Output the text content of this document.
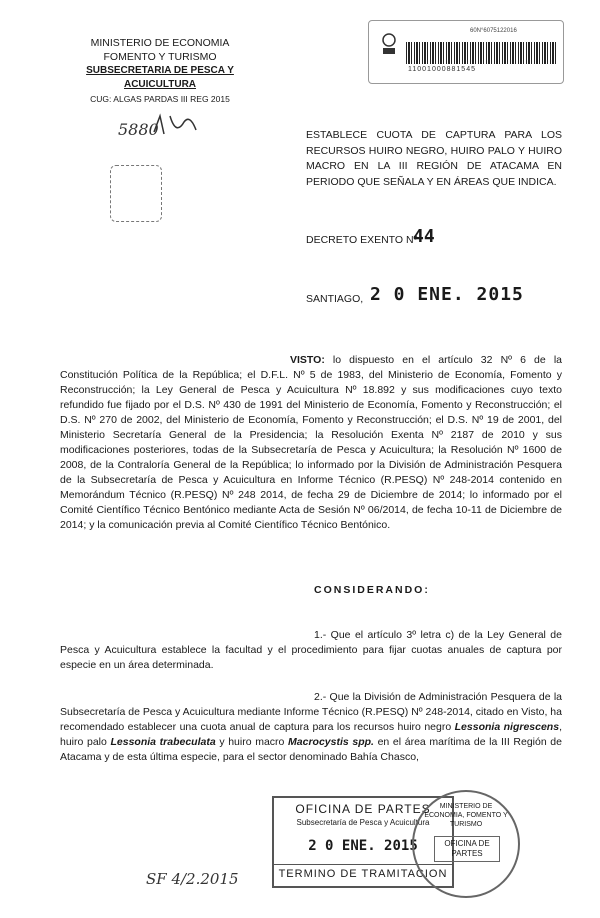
MINISTERIO DE ECONOMIA
FOMENTO Y TURISMO
SUBSECRETARIA DE PESCA Y ACUICULTURA
CUG: ALGAS PARDAS III REG 2015
60N°6075122016
11001000881545
5880	ESTABLECE CUOTA DE CAPTURA PARA LOS RECURSOS HUIRO NEGRO, HUIRO PALO Y HUIRO MACRO EN LA III REGIÓN DE ATACAMA EN PERIODO QUE SEÑALA Y EN ÁREAS QUE INDICA.
DECRETO EXENTO Nº
44
SANTIAGO, 2 0 ENE. 2015
VISTO: lo dispuesto en el artículo 32 Nº 6 de la Constitución Política de la República; el D.F.L. Nº 5 de 1983, del Ministerio de Economía, Fomento y Reconstrucción; la Ley General de Pesca y Acuicultura Nº 18.892 y sus modificaciones cuyo texto refundido fue fijado por el D.S. Nº 430 de 1991 del Ministerio de Economía, Fomento y Reconstrucción; el D.S. Nº 270 de 2002, del Ministerio de Economía, Fomento y Reconstrucción; el D.S. Nº 19 de 2001, del Ministerio Secretaría General de la Presidencia; la Resolución Exenta Nº 2187 de 2010 y sus modificaciones posteriores, todas de la Subsecretaría de Pesca y Acuicultura; la Resolución Nº 1600 de 2008, de la Contraloría General de la República; lo informado por la División de Administración Pesquera de la Subsecretaría de Pesca y Acuicultura en Informe Técnico (R.PESQ) Nº 248-2014 contenido en Memorándum Técnico (R.PESQ) Nº 248 2014, de fecha 29 de Diciembre de 2014; lo informado por el Comité Científico Técnico Bentónico mediante Acta de Sesión Nº 06/2014, de fecha 10-11 de Diciembre de 2014; y la comunicación previa al Comité Científico Técnico Bentónico.
CONSIDERANDO:
1.- Que el artículo 3º letra c) de la Ley General de Pesca y Acuicultura establece la facultad y el procedimiento para fijar cuotas anuales de captura por especie en un área determinada.
2.- Que la División de Administración Pesquera de la Subsecretaría de Pesca y Acuicultura mediante Informe Técnico (R.PESQ) Nº 248-2014, citado en Visto, ha recomendado establecer una cuota anual de captura para los recursos huiro negro Lessonia nigrescens, huiro palo Lessonia trabeculata y huiro macro Macrocystis spp. en el área marítima de la III Región de Atacama y de esta última especie, para el sector denominado Bahía Chasco,
OFICINA DE PARTES
Subsecretaría de Pesca y Acuicultura
2 0 ENE. 2015
TERMINO DE TRAMITACION
MINISTERIO DE ECONOMIA, FOMENTO Y TURISMO
OFICINA DE PARTES
SF 4/2.2015
